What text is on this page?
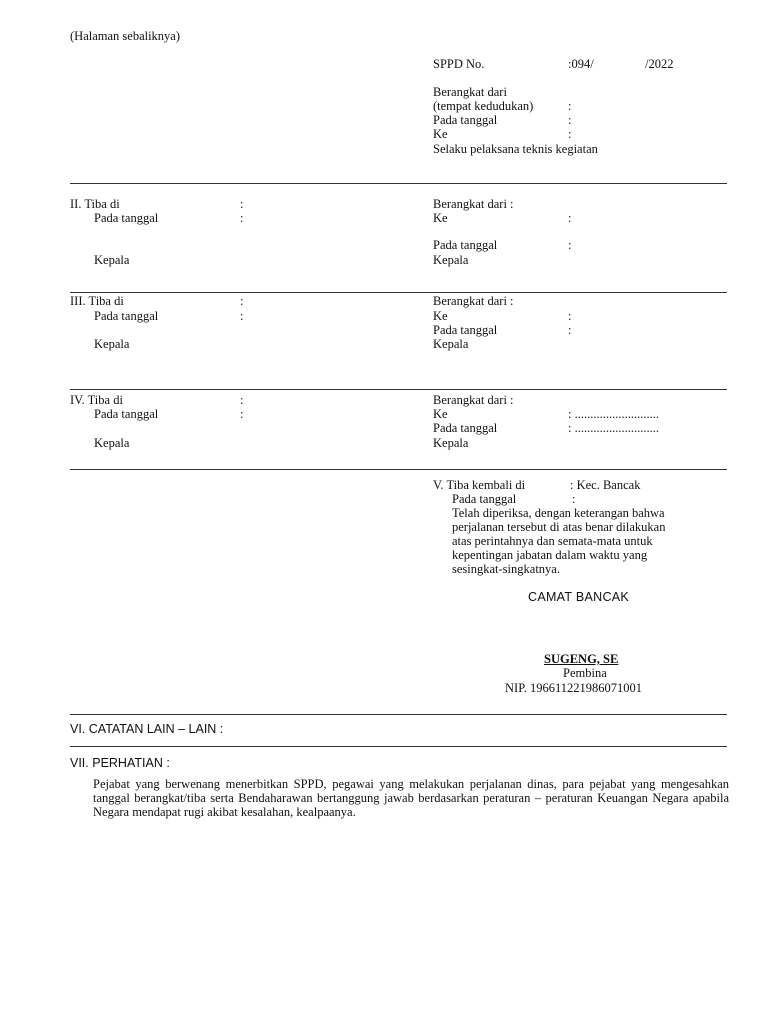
(Halaman sebaliknya)
SPPD No.	:094/	/2022
Berangkat dari
(tempat kedudukan)	:
Pada tanggal	:
Ke	:
Selaku pelaksana teknis kegiatan
II. Tiba di	:
Pada tanggal	:
Kepala
Berangkat dari :
Ke	:
Pada tanggal	:
Kepala
III. Tiba di	:
Pada tanggal	:
Kepala
Berangkat dari :
Ke	:
Pada tanggal	:
Kepala
IV. Tiba di	:
Pada tanggal	:
Kepala
Berangkat dari :
Ke	: ...........................
Pada tanggal	: ...........................
Kepala
V. Tiba kembali di	: Kec. Bancak
Pada tanggal	:
Telah diperiksa, dengan keterangan bahwa
perjalanan tersebut di atas benar dilakukan
atas perintahnya dan semata-mata untuk
kepentingan jabatan dalam waktu yang
sesingkat-singkatnya.
CAMAT BANCAK
SUGENG, SE
Pembina
NIP. 196611221986071001
VI. CATATAN LAIN – LAIN :
VII. PERHATIAN :
Pejabat yang berwenang menerbitkan SPPD, pegawai yang melakukan perjalanan dinas, para pejabat yang mengesahkan tanggal berangkat/tiba serta Bendaharawan bertanggung jawab berdasarkan peraturan – peraturan Keuangan Negara apabila Negara mendapat rugi akibat kesalahan, kealpaanya.
